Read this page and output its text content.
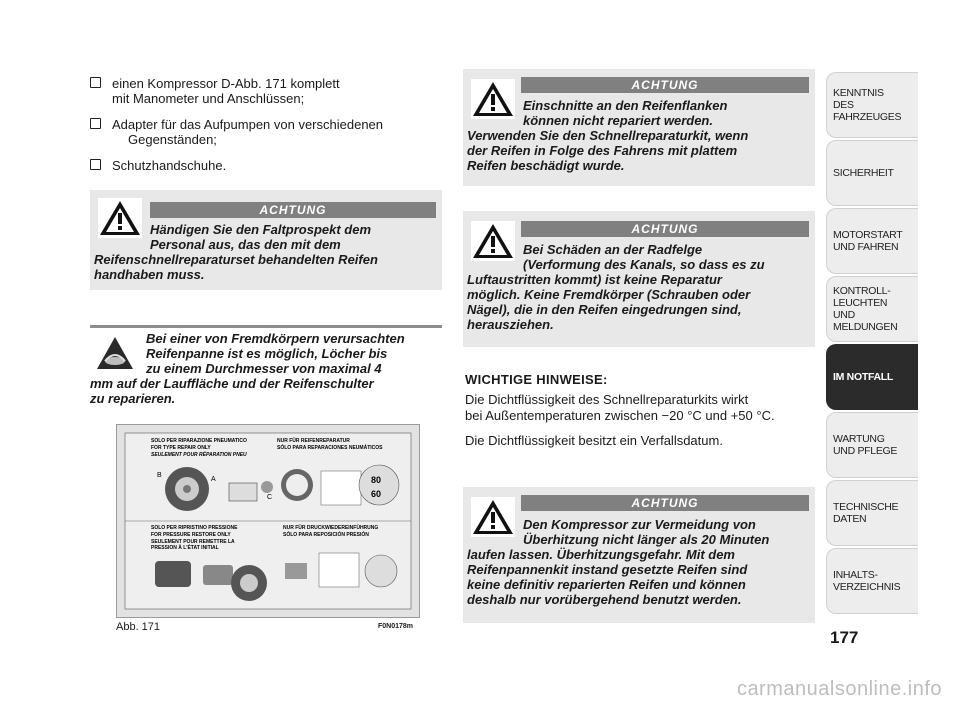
einen Kompressor D-Abb. 171 komplett
mit Manometer und Anschlüssen;
Adapter für das Aufpumpen von verschiedenen
Gegenständen;
Schutzhandschuhe.
ACHTUNG
Händigen Sie den Faltprospekt dem
Personal aus, das den mit dem
Reifenschnellreparaturset behandelten Reifen
handhaben muss.
Bei einer von Fremdkörpern verursachten
Reifenpanne ist es möglich, Löcher bis
zu einem Durchmesser von maximal 4
mm auf der Lauffläche und der Reifenschulter
zu reparieren.
SOLO PER RIPARAZIONE PNEUMATICO
FOR TYPE REPAIR ONLY
SEULEMENT POUR RÉPARATION PNEU
NUR FÜR REIFENREPARATUR
SÓLO PARA REPARACIONES NEUMÁTICOS
B
A
C
80
60
SOLO PER RIPRISTINO PRESSIONE
FOR PRESSURE RESTORE ONLY
SEULEMENT POUR REMETTRE LA
PRESSION À L'ÉTAT INITIAL
NUR FÜR DRUCKWIEDEREINFÜHRUNG
SÓLO PARA REPOSICIÓN PRESIÓN
Abb. 171	F0N0178m
ACHTUNG
Einschnitte an den Reifenflanken
können nicht repariert werden.
Verwenden Sie den Schnellreparaturkit, wenn
der Reifen in Folge des Fahrens mit plattem
Reifen beschädigt wurde.
ACHTUNG
Bei Schäden an der Radfelge
(Verformung des Kanals, so dass es zu
Luftaustritten kommt) ist keine Reparatur
möglich. Keine Fremdkörper (Schrauben oder
Nägel), die in den Reifen eingedrungen sind,
herausziehen.
WICHTIGE HINWEISE:
Die Dichtflüssigkeit des Schnellreparaturkits wirkt
bei Außentemperaturen zwischen −20 °C und +50 °C.
Die Dichtflüssigkeit besitzt ein Verfallsdatum.
ACHTUNG
Den Kompressor zur Vermeidung von
Überhitzung nicht länger als 20 Minuten
laufen lassen. Überhitzungsgefahr. Mit dem
Reifenpannenkit instand gesetzte Reifen sind
keine definitiv reparierten Reifen und können
deshalb nur vorübergehend benutzt werden.
KENNTNIS
DES FAHRZEUGES
SICHERHEIT
MOTORSTART
UND FAHREN
KONTROLL-
LEUCHTEN
UND MELDUNGEN
IM NOTFALL
WARTUNG
UND PFLEGE
TECHNISCHE
DATEN
INHALTS-
VERZEICHNIS
177
carmanualsonline.info
